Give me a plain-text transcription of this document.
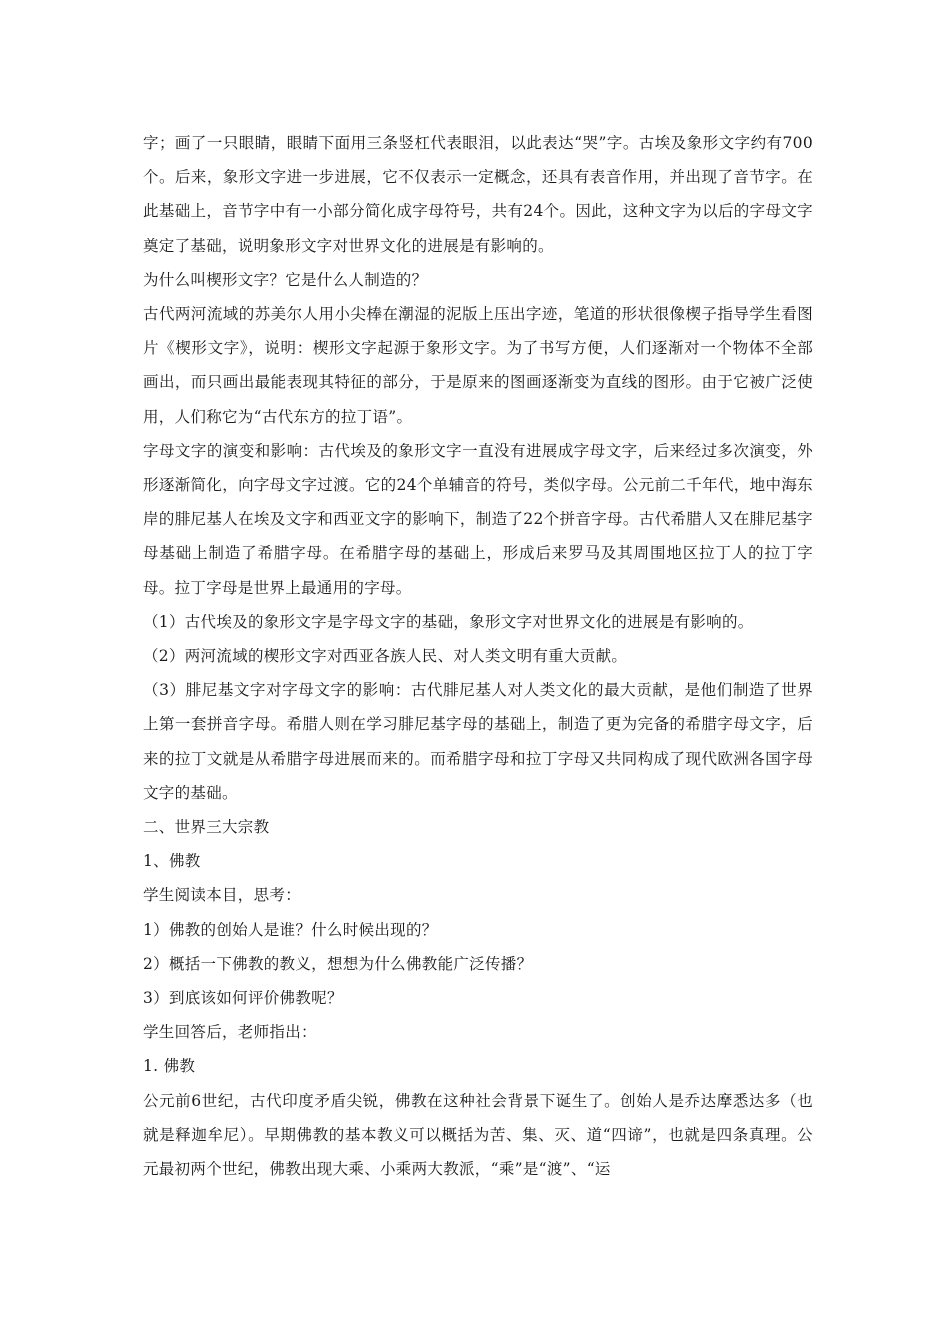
字；画了一只眼睛，眼睛下面用三条竖杠代表眼泪，以此表达“哭”字。古埃及象形文字约有700个。后来，象形文字进一步进展，它不仅表示一定概念，还具有表音作用，并出现了音节字。在此基础上，音节字中有一小部分简化成字母符号，共有24个。因此，这种文字为以后的字母文字奠定了基础，说明象形文字对世界文化的进展是有影响的。

为什么叫楔形文字？它是什么人制造的？

古代两河流域的苏美尔人用小尖棒在潮湿的泥版上压出字迹，笔道的形状很像楔子指导学生看图片《楔形文字》，说明：楔形文字起源于象形文字。为了书写方便，人们逐渐对一个物体不全部画出，而只画出最能表现其特征的部分，于是原来的图画逐渐变为直线的图形。由于它被广泛使用，人们称它为“古代东方的拉丁语”。

字母文字的演变和影响：古代埃及的象形文字一直没有进展成字母文字，后来经过多次演变，外形逐渐简化，向字母文字过渡。它的24个单辅音的符号，类似字母。公元前二千年代，地中海东岸的腓尼基人在埃及文字和西亚文字的影响下，制造了22个拼音字母。古代希腊人又在腓尼基字母基础上制造了希腊字母。在希腊字母的基础上，形成后来罗马及其周围地区拉丁人的拉丁字母。拉丁字母是世界上最通用的字母。

（1）古代埃及的象形文字是字母文字的基础，象形文字对世界文化的进展是有影响的。

（2）两河流域的楔形文字对西亚各族人民、对人类文明有重大贡献。

（3）腓尼基文字对字母文字的影响：古代腓尼基人对人类文化的最大贡献，是他们制造了世界上第一套拼音字母。希腊人则在学习腓尼基字母的基础上，制造了更为完备的希腊字母文字，后来的拉丁文就是从希腊字母进展而来的。而希腊字母和拉丁字母又共同构成了现代欧洲各国字母文字的基础。

二、世界三大宗教

1、佛教

学生阅读本目，思考：

1）佛教的创始人是谁？什么时候出现的？

2）概括一下佛教的教义，想想为什么佛教能广泛传播？

3）到底该如何评价佛教呢？

学生回答后，老师指出：

1. 佛教

公元前6世纪，古代印度矛盾尖锐，佛教在这种社会背景下诞生了。创始人是乔达摩悉达多（也就是释迦牟尼）。早期佛教的基本教义可以概括为苦、集、灭、道“四谛”，也就是四条真理。公元最初两个世纪，佛教出现大乘、小乘两大教派，“乘”是“渡”、“运
